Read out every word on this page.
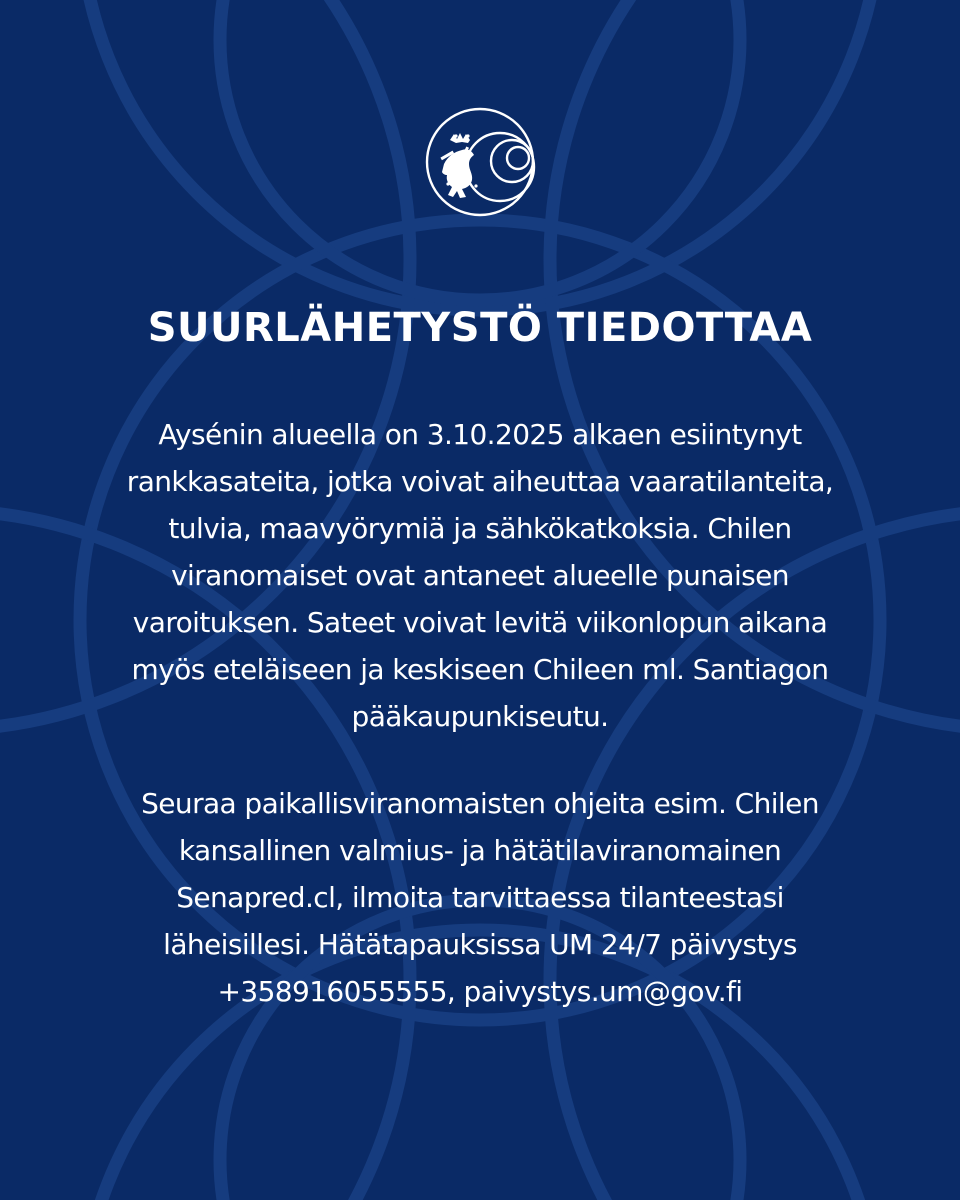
SUURLÄHETYSTÖ TIEDOTTAA

Aysénin alueella on 3.10.2025 alkaen esiintynyt
rankkasateita, jotka voivat aiheuttaa vaaratilanteita,
tulvia, maavyörymiä ja sähkökatkoksia. Chilen
viranomaiset ovat antaneet alueelle punaisen
varoituksen. Sateet voivat levitä viikonlopun aikana
myös eteläiseen ja keskiseen Chileen ml. Santiagon
pääkaupunkiseutu.

Seuraa paikallisviranomaisten ohjeita esim. Chilen
kansallinen valmius- ja hätätilaviranomainen
Senapred.cl, ilmoita tarvittaessa tilanteestasi
läheisillesi. Hätätapauksissa UM 24/7 päivystys
+358916055555, paivystys.um@gov.fi
